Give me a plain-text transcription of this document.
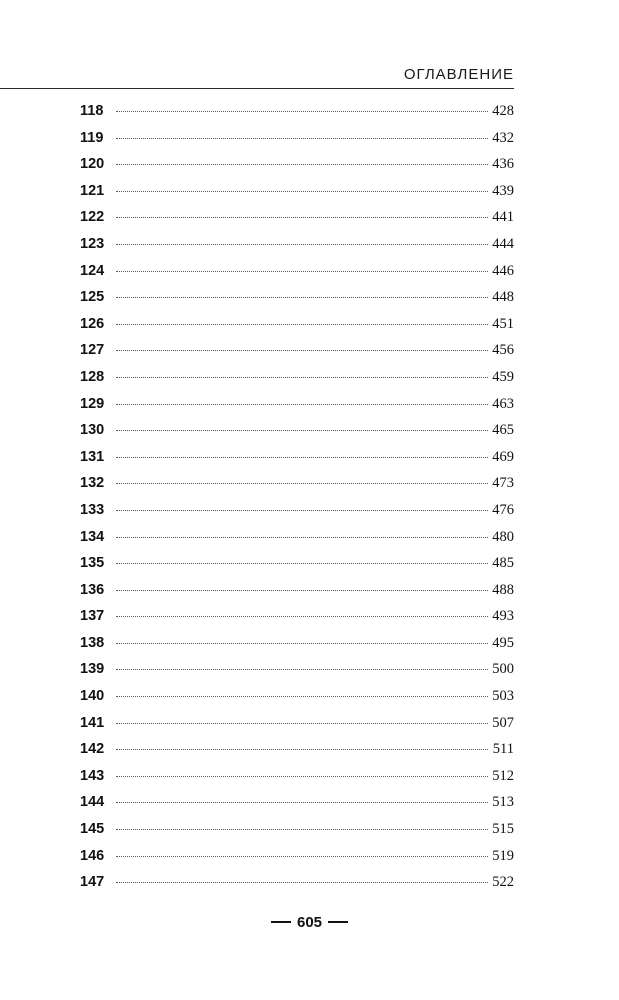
ОГЛАВЛЕНИЕ
118	428
119	432
120	436
121	439
122	441
123	444
124	446
125	448
126	451
127	456
128	459
129	463
130	465
131	469
132	473
133	476
134	480
135	485
136	488
137	493
138	495
139	500
140	503
141	507
142	511
143	512
144	513
145	515
146	519
147	522
605
